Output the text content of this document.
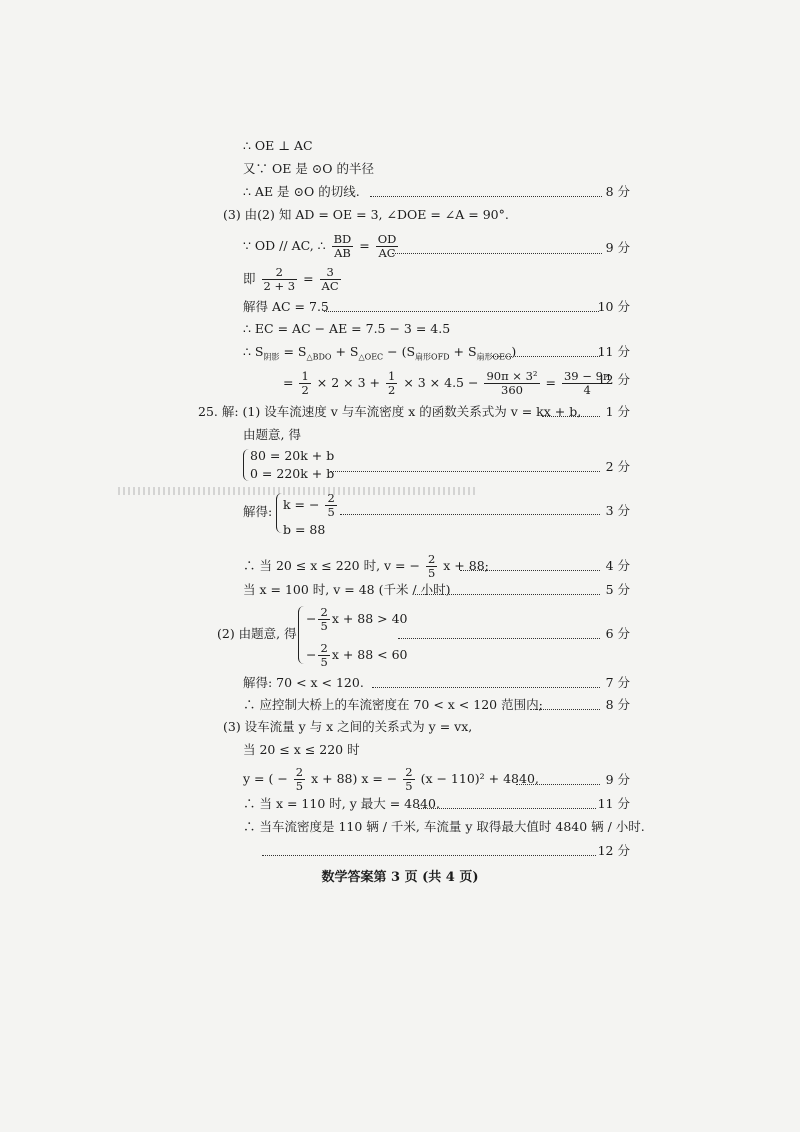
∴ OE ⊥ AC
又∵ OE 是 ⊙O 的半径
∴ AE 是 ⊙O 的切线.	8 分
(3) 由(2) 知 AD = OE = 3, ∠DOE = ∠A = 90°.
∵ OD // AC, ∴ $\frac{BD}{AB} = \frac{OD}{AC}$	9 分
即 $\frac{2}{2 + 3} = \frac{3}{AC}$
解得 AC = 7.5	10 分
∴ EC = AC − AE = 7.5 − 3 = 4.5
∴ $S_{阴影} = S_{\triangle BDO} + S_{\triangle OEC} - (S_{扇形OFD} + S_{扇形OEG})$	11 分
= $\frac{1}{2} \times 2 \times 3 + \frac{1}{2} \times 3 \times 4.5 - \frac{\text{90π × 3²}}{360} = \frac{39 - 9\pi}{4}$
12 分
25. 解: (1) 设车流速度 v 与车流密度 x 的函数关系式为 v = kx + b, 1 分
由题意, 得
80 = 20k + b
0 = 220k + b	2 分
解得: k = − $\frac{2}{5}$
b = 88
3 分
∴ 当 20 ≤ x ≤ 220 时, v = − $\frac{2}{5}$ x + 88;	4 分
当 x = 100 时, v = 48 (千米 / 小时)	5 分
(2) 由题意, 得
− $\frac{2}{5}$ x + 88 > 40
− $\frac{2}{5}$ x + 88 < 60
6 分
解得: 70 < x < 120.	7 分
∴ 应控制大桥上的车流密度在 70 < x < 120 范围内;	8 分
(3) 设车流量 y 与 x 之间的关系式为 y = vx,
当 20 ≤ x ≤ 220 时
y = ( − $\frac{2}{5}$ x + 88) x = − $\frac{2}{5} (x - 110)^2 + 4840$,	9 分
∴ 当 x = 110 时, y 最大 = 4840.	11 分
∴ 当车流密度是 110 辆 / 千米, 车流量 y 取得最大值时 4840 辆 / 小时.
12 分
数学答案第 3 页 (共 4 页)
